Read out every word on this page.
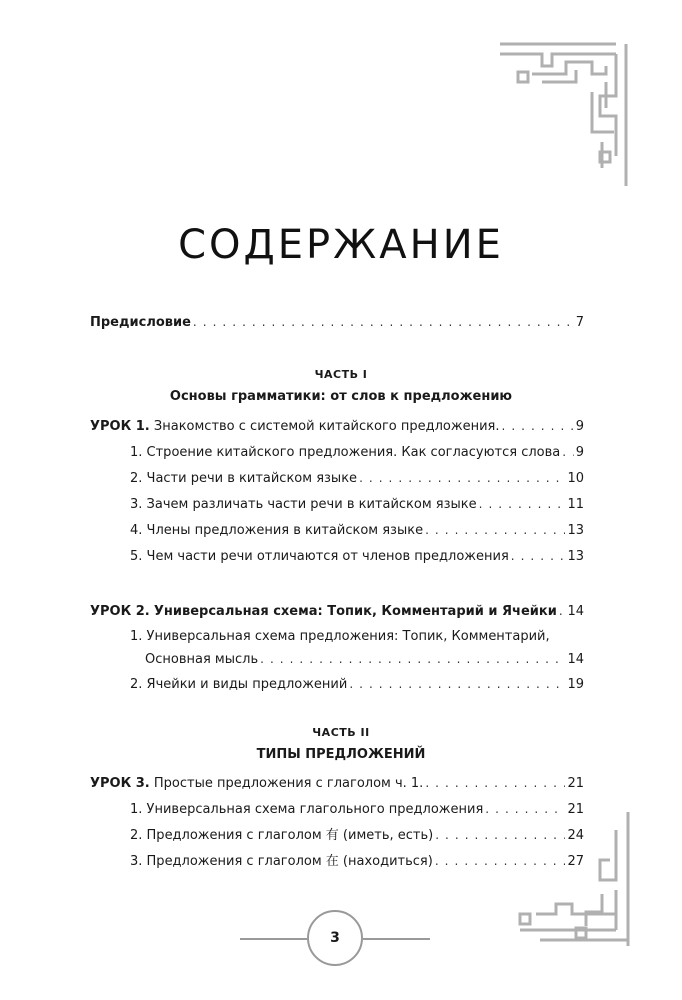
СОДЕРЖАНИЕ
Предисловие . . .	7
ЧАСТЬ I
Основы грамматики: от слов к предложению
УРОК 1.
Знакомство с системой китайского предложения. . . .	9
1. Строение китайского предложения. Как согласуются слова . . . 9
2. Части речи в китайском языке . . .	10
3. Зачем различать части речи в китайском языке . . .	11
4. Члены предложения в китайском языке . . .	13
5. Чем части речи отличаются от членов предложения . . .	13
УРОК 2.
Универсальная схема: Топик, Комментарий и Ячейки . . . 14
1. Универсальная схема предложения: Топик, Комментарий,
Основная мысль . . .	14
2. Ячейки и виды предложений . . .	19
ЧАСТЬ II
ТИПЫ ПРЕДЛОЖЕНИЙ
УРОК 3.
Простые предложения с глаголом ч. 1. . . .	21
1. Универсальная схема глагольного предложения . . .	21
2. Предложения с глаголом 有 (иметь, есть) . . .	24
3. Предложения с глаголом 在 (находиться) . . .	27
3
